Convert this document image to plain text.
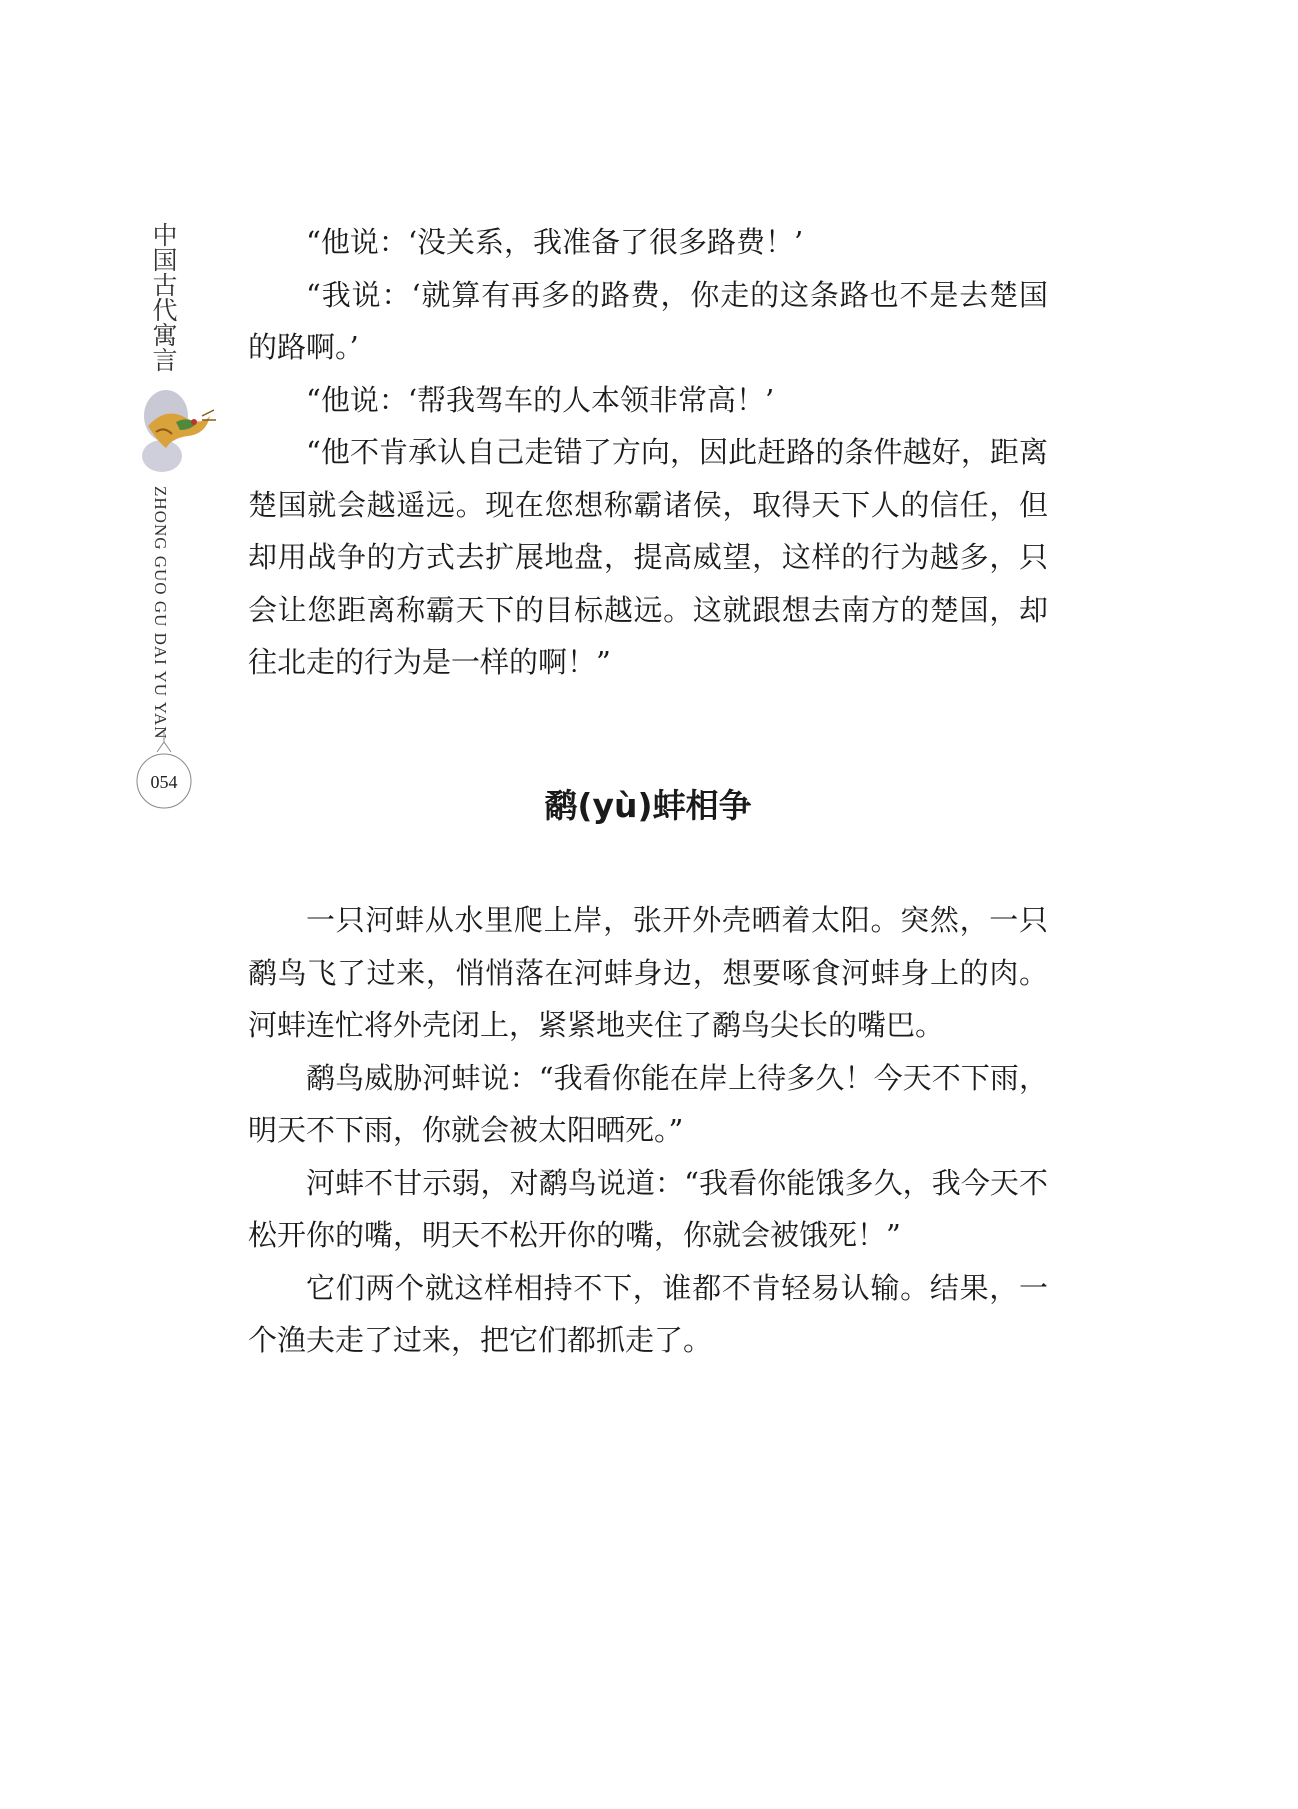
中国古代寓言
ZHONG GUO GU DAI YU YAN
054

“他说：‘没关系，我准备了很多路费！’

“我说：‘就算有再多的路费，你走的这条路也不是去楚国的路啊。’

“他说：‘帮我驾车的人本领非常高！’

“他不肯承认自己走错了方向，因此赶路的条件越好，距离楚国就会越遥远。现在您想称霸诸侯，取得天下人的信任，但却用战争的方式去扩展地盘，提高威望，这样的行为越多，只会让您距离称霸天下的目标越远。这就跟想去南方的楚国，却往北走的行为是一样的啊！”

鹬(yù)蚌相争

一只河蚌从水里爬上岸，张开外壳晒着太阳。突然，一只鹬鸟飞了过来，悄悄落在河蚌身边，想要啄食河蚌身上的肉。河蚌连忙将外壳闭上，紧紧地夹住了鹬鸟尖长的嘴巴。

鹬鸟威胁河蚌说：“我看你能在岸上待多久！今天不下雨，明天不下雨，你就会被太阳晒死。”

河蚌不甘示弱，对鹬鸟说道：“我看你能饿多久，我今天不松开你的嘴，明天不松开你的嘴，你就会被饿死！”

它们两个就这样相持不下，谁都不肯轻易认输。结果，一个渔夫走了过来，把它们都抓走了。
